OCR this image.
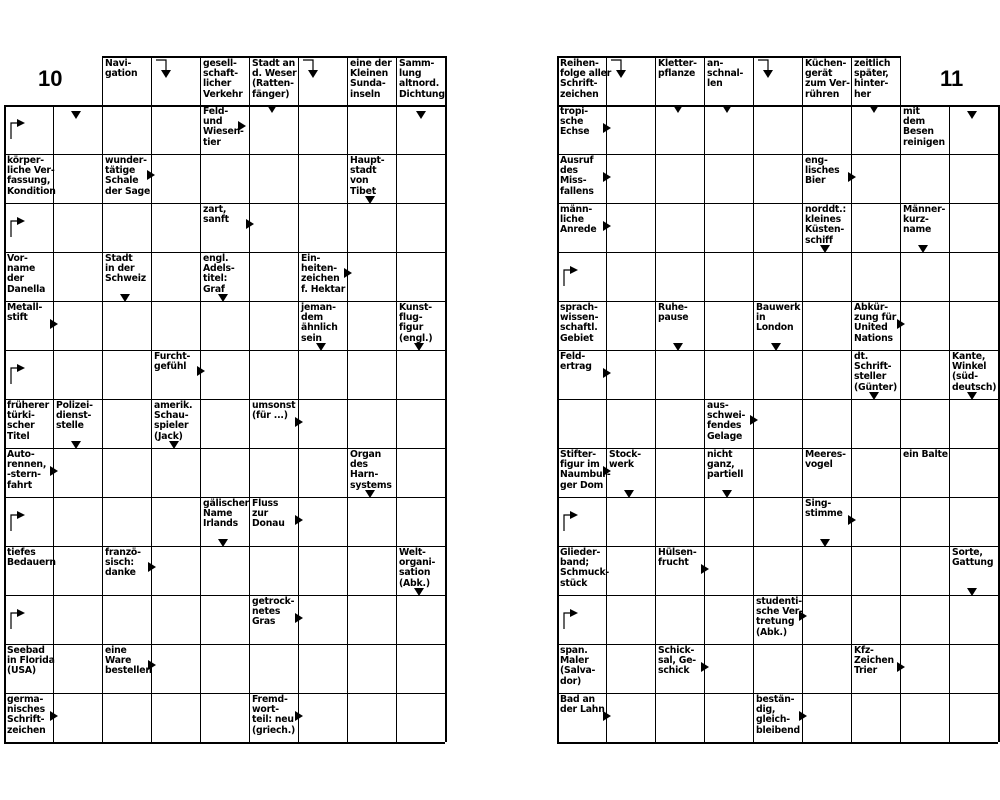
10	11
Navi-
gation
gesell-
schaft-
licher
Verkehr
Stadt an
d. Weser
(Ratten-
fänger)
eine der
Kleinen
Sunda-
inseln
Samm-
lung
altnord.
Dichtung
Feld-
und
Wiesen-
tier
körper-
liche Ver-
fassung,
Kondition
wunder-
tätige
Schale
der Sage
Haupt-
stadt
von
Tibet
zart,
sanft
Vor-
name
der
Danella
Stadt
in der
Schweiz
engl.
Adels-
titel:
Graf
Ein-
heiten-
zeichen
f. Hektar
Metall-
stift
jeman-
dem
ähnlich
sein
Kunst-
flug-
figur
(engl.)
Furcht-
gefühl
früherer
türki-
scher
Titel
Polizei-
dienst-
stelle
amerik.
Schau-
spieler
(Jack)
umsonst
(für ...)
Auto-
rennen,
-stern-
fahrt
Organ
des
Harn-
systems
gälischer
Name
Irlands
Fluss
zur
Donau
tiefes
Bedauern
franzö-
sisch:
danke
Welt-
organi-
sation
(Abk.)
getrock-
netes
Gras
Seebad
in Florida
(USA)
eine
Ware
bestellen
germa-
nisches
Schrift-
zeichen
Fremd-
wort-
teil: neu
(griech.)
Reihen-
folge aller
Schrift-
zeichen
Kletter-
pflanze
an-
schnal-
len
Küchen-
gerät
zum Ver-
rühren
zeitlich
später,
hinter-
her
mit
dem
Besen
reinigen
tropi-
sche
Echse
Ausruf
des
Miss-
fallens
eng-
lisches
Bier
männ-
liche
Anrede
norddt.:
kleines
Küsten-
schiff
Männer-
kurz-
name
sprach-
wissen-
schaftl.
Gebiet
Ruhe-
pause
Bauwerk
in
London
Abkür-
zung für
United
Nations
Feld-
ertrag
dt.
Schrift-
steller
(Günter)
Kante,
Winkel
(süd-
deutsch)
aus-
schwei-
fendes
Gelage
Stifter-
figur im
Naumbur-
ger Dom
Stock-
werk
nicht
ganz,
partiell
Meeres-
vogel
ein Balte
Sing-
stimme
Glieder-
band;
Schmuck-
stück
Hülsen-
frucht
Sorte,
Gattung
studenti-
sche Ver-
tretung
(Abk.)
span.
Maler
(Salva-
dor)
Schick-
sal, Ge-
schick
Kfz-
Zeichen
Trier
Bad an
der Lahn
bestän-
dig,
gleich-
bleibend
